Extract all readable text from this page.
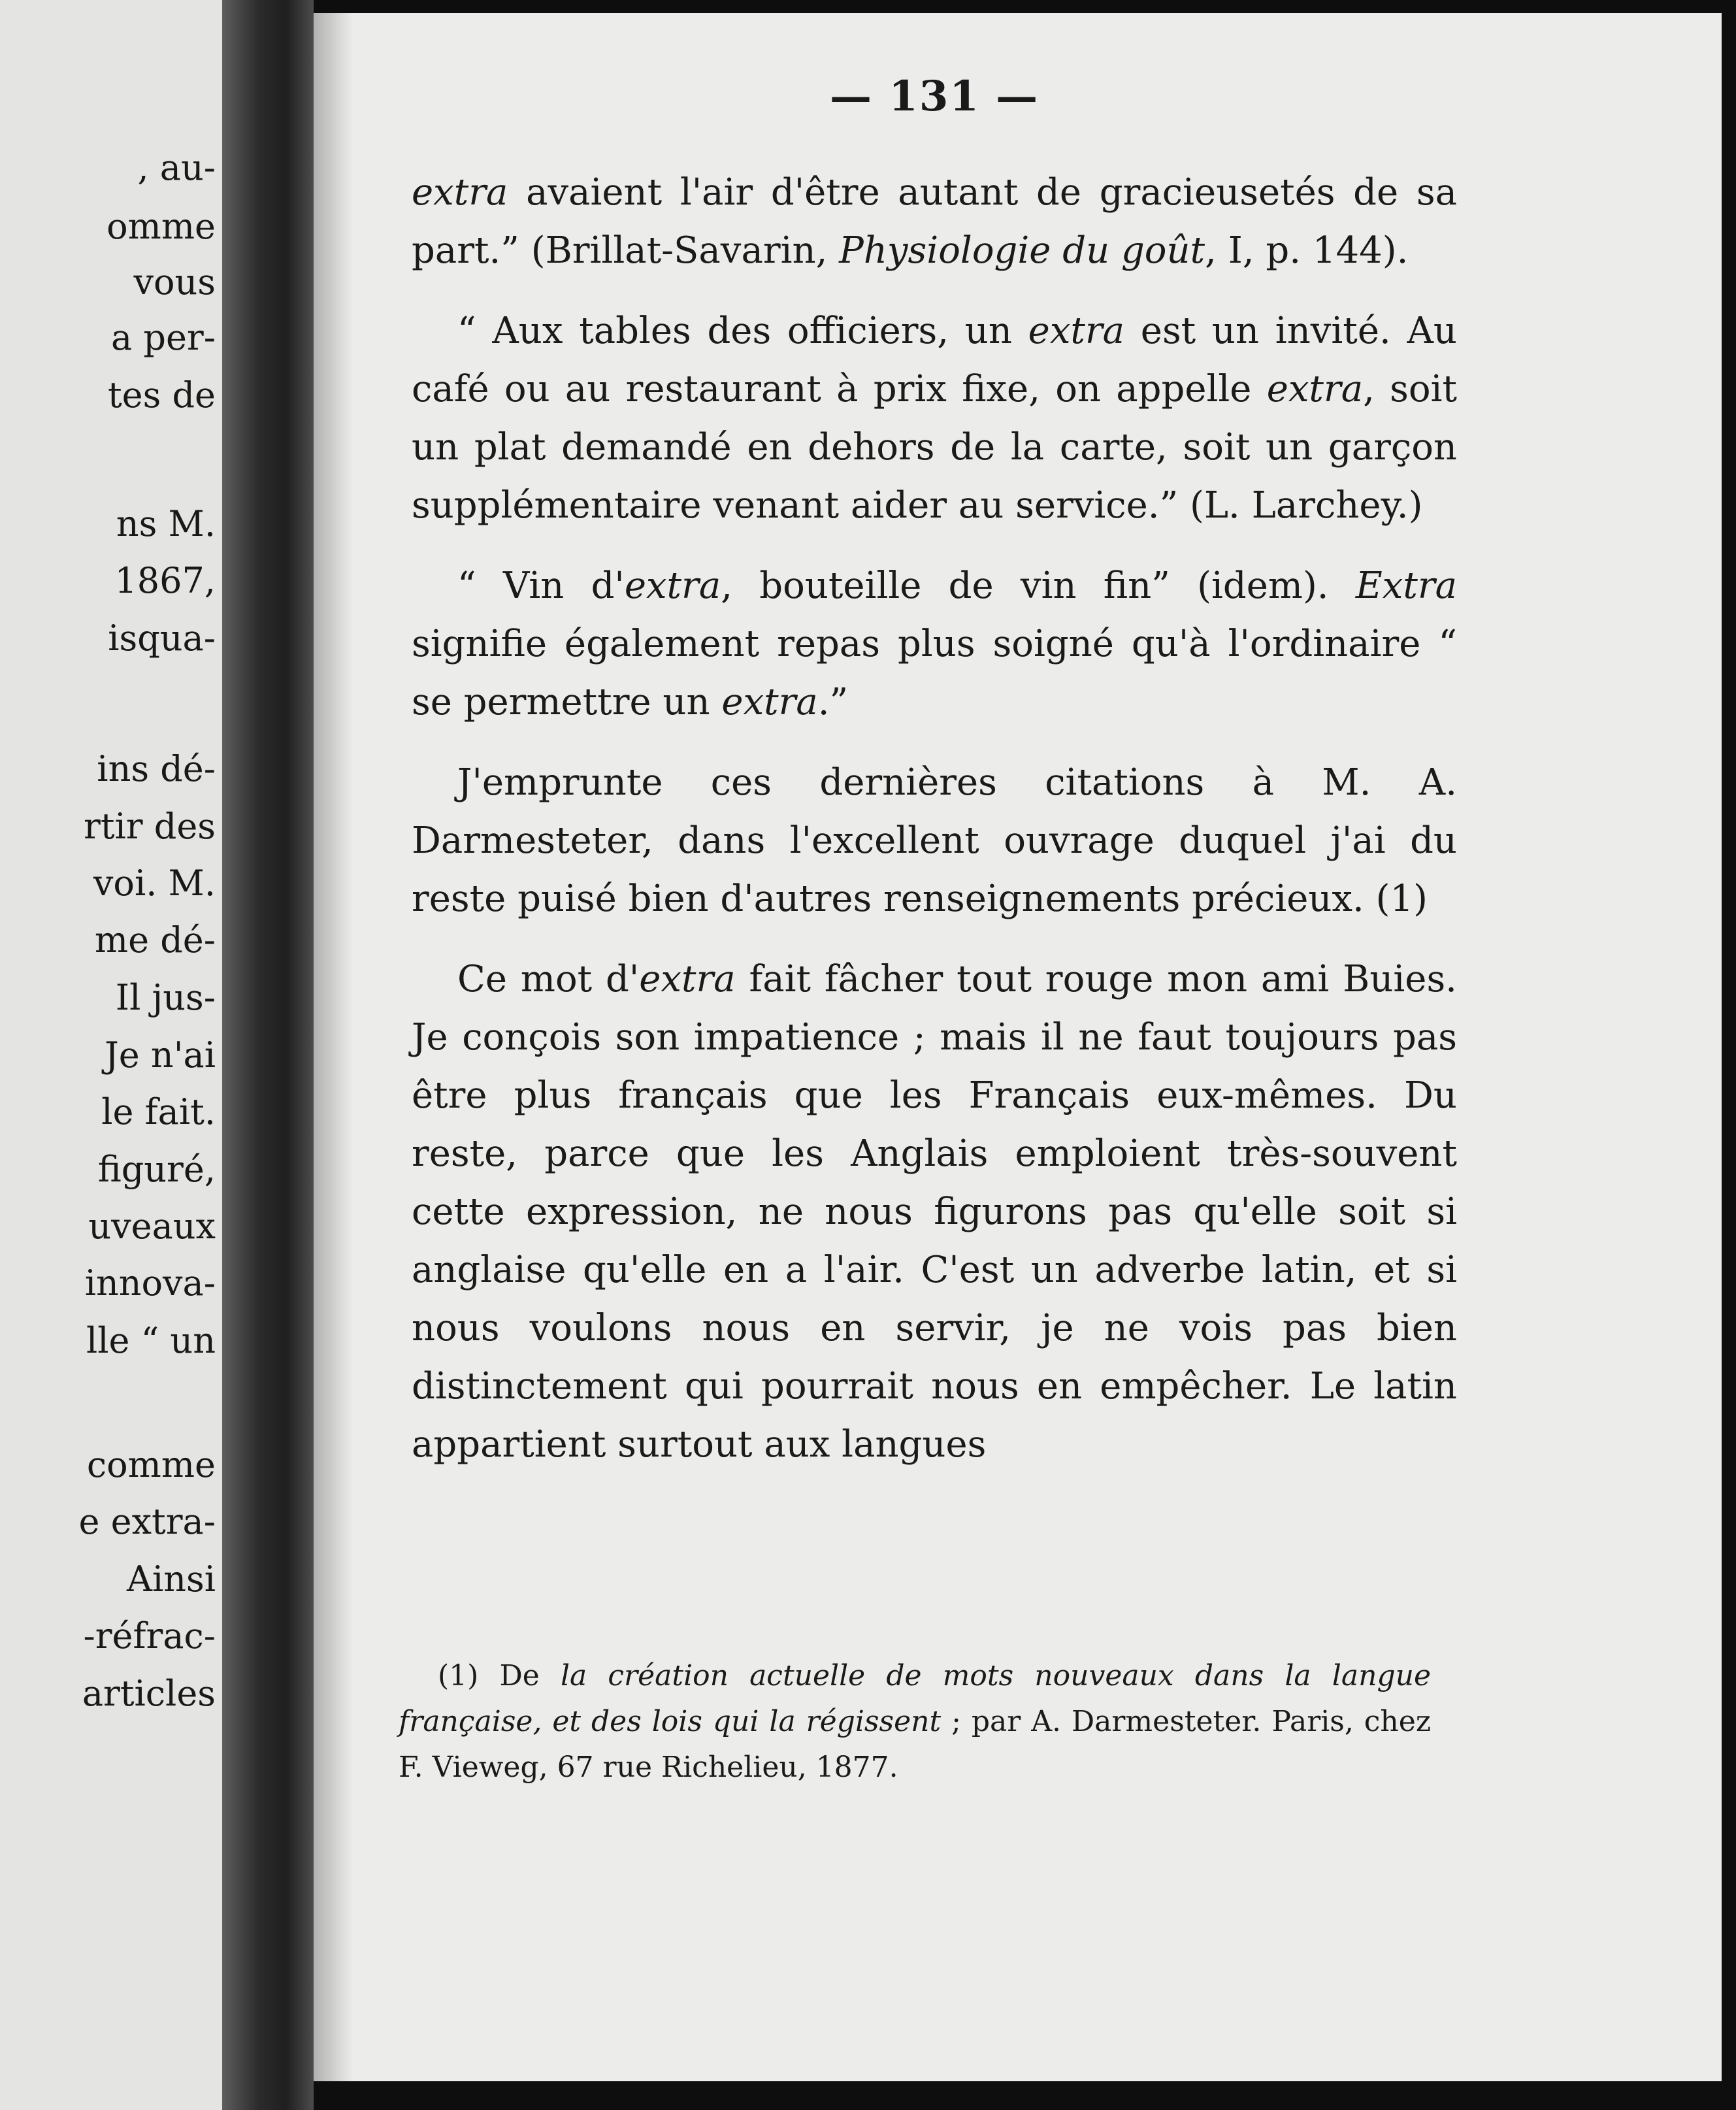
, au-
omme
vous
a per-
tes de
ns M.
1867,
isqua-
ins dé-
rtir des
voi. M.
me dé-
Il jus-
Je n'ai
le fait.
figuré,
uveaux
innova-
lle “ un
comme
e extra-
Ainsi
-réfrac-
articles
— 131 —

extra avaient l'air d'être autant de gracieusetés de sa part.” (Brillat-Savarin, Physiologie du goût, I, p. 144).

“ Aux tables des officiers, un extra est un invité. Au café ou au restaurant à prix fixe, on appelle extra, soit un plat demandé en dehors de la carte, soit un garçon supplémentaire venant aider au service.” (L. Larchey.)

“ Vin d'extra, bouteille de vin fin” (idem). Extra signifie également repas plus soigné qu'à l'ordinaire “ se permettre un extra.”

J'emprunte ces dernières citations à M. A. Darmesteter, dans l'excellent ouvrage duquel j'ai du reste puisé bien d'autres renseignements précieux. (1)

Ce mot d'extra fait fâcher tout rouge mon ami Buies. Je conçois son impatience ; mais il ne faut toujours pas être plus français que les Français eux-mêmes. Du reste, parce que les Anglais emploient très-souvent cette expression, ne nous figurons pas qu'elle soit si anglaise qu'elle en a l'air. C'est un adverbe latin, et si nous voulons nous en servir, je ne vois pas bien distinctement qui pourrait nous en empêcher. Le latin appartient surtout aux langues

(1) De la création actuelle de mots nouveaux dans la langue française, et des lois qui la régissent ; par A. Darmesteter. Paris, chez F. Vieweg, 67 rue Richelieu, 1877.
